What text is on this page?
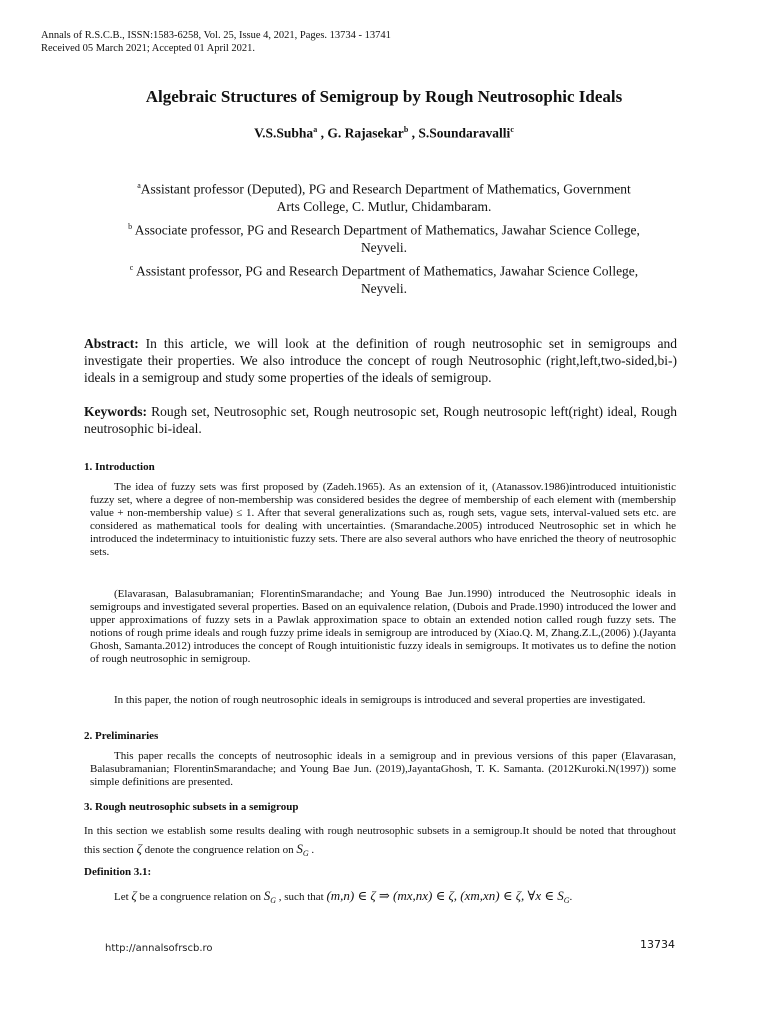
Annals of R.S.C.B., ISSN:1583-6258, Vol. 25, Issue 4, 2021, Pages. 13734 - 13741
Received 05 March 2021; Accepted 01 April 2021.
Algebraic Structures of Semigroup by Rough Neutrosophic Ideals
V.S.Subha$^a$ , G. Rajasekar$^b$ , S.Soundaravalli$^c$
$^a$Assistant professor (Deputed), PG and Research Department of Mathematics, Government
Arts College, C. Mutlur, Chidambaram.
$^b$ Associate professor, PG and Research Department of Mathematics, Jawahar Science College,
Neyveli.
$^c$ Assistant professor, PG and Research Department of Mathematics, Jawahar Science College,
Neyveli.
Abstract: In this article, we will look at the definition of rough neutrosophic set in semigroups and investigate their properties. We also introduce the concept of rough Neutrosophic (right,left,two-sided,bi-) ideals in a semigroup and study some properties of the ideals of semigroup.
Keywords: Rough set, Neutrosophic set, Rough neutrosopic set, Rough neutrosopic left(right) ideal, Rough neutrosophic bi-ideal.
1. Introduction
The idea of fuzzy sets was first proposed by (Zadeh.1965). As an extension of it, (Atanassov.1986)introduced intuitionistic fuzzy set, where a degree of non-membership was considered besides the degree of membership of each element with (membership value + non-membership value) ≤ 1. After that several generalizations such as, rough sets, vague sets, interval-valued sets etc. are considered as mathematical tools for dealing with uncertainties. (Smarandache.2005) introduced Neutrosophic set in which he introduced the indeterminacy to intuitionistic fuzzy sets. There are also several authors who have enriched the theory of neutrosophic sets.
(Elavarasan, Balasubramanian; FlorentinSmarandache; and Young Bae Jun.1990) introduced the Neutrosophic ideals in semigroups and investigated several properties. Based on an equivalence relation, (Dubois and Prade.1990) introduced the lower and upper approximations of fuzzy sets in a Pawlak approximation space to obtain an extended notion called rough fuzzy sets. The notions of rough prime ideals and rough fuzzy prime ideals in semigroup are introduced by (Xiao.Q. M, Zhang.Z.L,(2006) ).(Jayanta Ghosh, Samanta.2012) introduces the concept of Rough intuitionistic fuzzy ideals in semigroups. It motivates us to define the notion of rough neutrosophic in semigroup.
In this paper, the notion of rough neutrosophic ideals in semigroups is introduced and several properties are investigated.
2. Preliminaries
This paper recalls the concepts of neutrosophic ideals in a semigroup and in previous versions of this paper (Elavarasan, Balasubramanian; FlorentinSmarandache; and Young Bae Jun. (2019),JayantaGhosh, T. K. Samanta. (2012Kuroki.N(1997)) some simple definitions are presented.
3. Rough neutrosophic subsets in a semigroup
In this section we establish some results dealing with rough neutrosophic subsets in a semigroup.It should be noted that throughout this section ζ denote the congruence relation on $S_G$ .
Definition 3.1:
Let ζ be a congruence relation on $S_G$ , such that (m,n) ∈ ζ ⇒ (mx,nx) ∈ ζ, (xm,xn) ∈ ζ, ∀x ∈ $S_G$.
http://annalsofrscb.ro	13734
